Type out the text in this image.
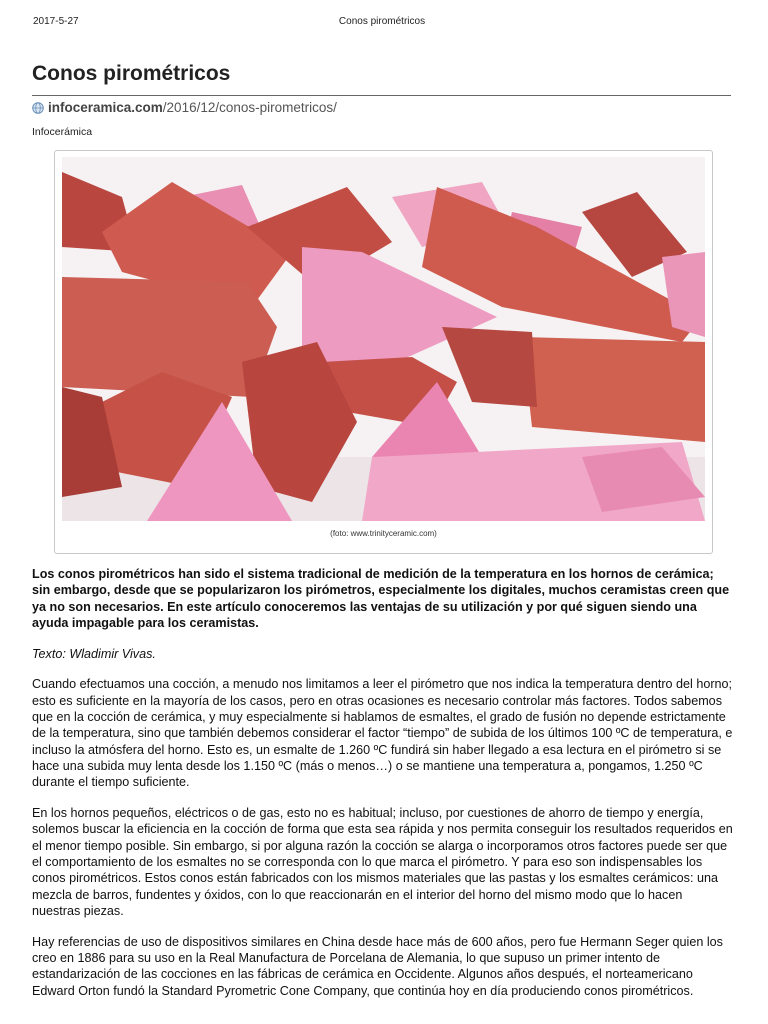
2017-5-27	Conos pirométricos
Conos pirométricos
infoceramica.com /2016/12/conos-pirometricos/
Infocerámica
(foto: www.trinityceramic.com)

Los conos pirométricos han sido el sistema tradicional de medición de la temperatura en los hornos de cerámica; sin embargo, desde que se popularizaron los pirómetros, especialmente los digitales, muchos ceramistas creen que ya no son necesarios. En este artículo conoceremos las ventajas de su utilización y por qué siguen siendo una ayuda impagable para los ceramistas.

Texto: Wladimir Vivas.

Cuando efectuamos una cocción, a menudo nos limitamos a leer el pirómetro que nos indica la temperatura dentro del horno; esto es suficiente en la mayoría de los casos, pero en otras ocasiones es necesario controlar más factores. Todos sabemos que en la cocción de cerámica, y muy especialmente si hablamos de esmaltes, el grado de fusión no depende estrictamente de la temperatura, sino que también debemos considerar el factor “tiempo” de subida de los últimos 100 ºC de temperatura, e incluso la atmósfera del horno. Esto es, un esmalte de 1.260 ºC fundirá sin haber llegado a esa lectura en el pirómetro si se hace una subida muy lenta desde los 1.150 ºC (más o menos…) o se mantiene una temperatura a, pongamos, 1.250 ºC durante el tiempo suficiente.

En los hornos pequeños, eléctricos o de gas, esto no es habitual; incluso, por cuestiones de ahorro de tiempo y energía, solemos buscar la eficiencia en la cocción de forma que esta sea rápida y nos permita conseguir los resultados requeridos en el menor tiempo posible. Sin embargo, si por alguna razón la cocción se alarga o incorporamos otros factores puede ser que el comportamiento de los esmaltes no se corresponda con lo que marca el pirómetro. Y para eso son indispensables los conos pirométricos. Estos conos están fabricados con los mismos materiales que las pastas y los esmaltes cerámicos: una mezcla de barros, fundentes y óxidos, con lo que reaccionarán en el interior del horno del mismo modo que lo hacen nuestras piezas.

Hay referencias de uso de dispositivos similares en China desde hace más de 600 años, pero fue Hermann Seger quien los creo en 1886 para su uso en la Real Manufactura de Porcelana de Alemania, lo que supuso un primer intento de estandarización de las cocciones en las fábricas de cerámica en Occidente. Algunos años después, el norteamericano Edward Orton fundó la Standard Pyrometric Cone Company, que continúa hoy en día produciendo conos pirométricos.
